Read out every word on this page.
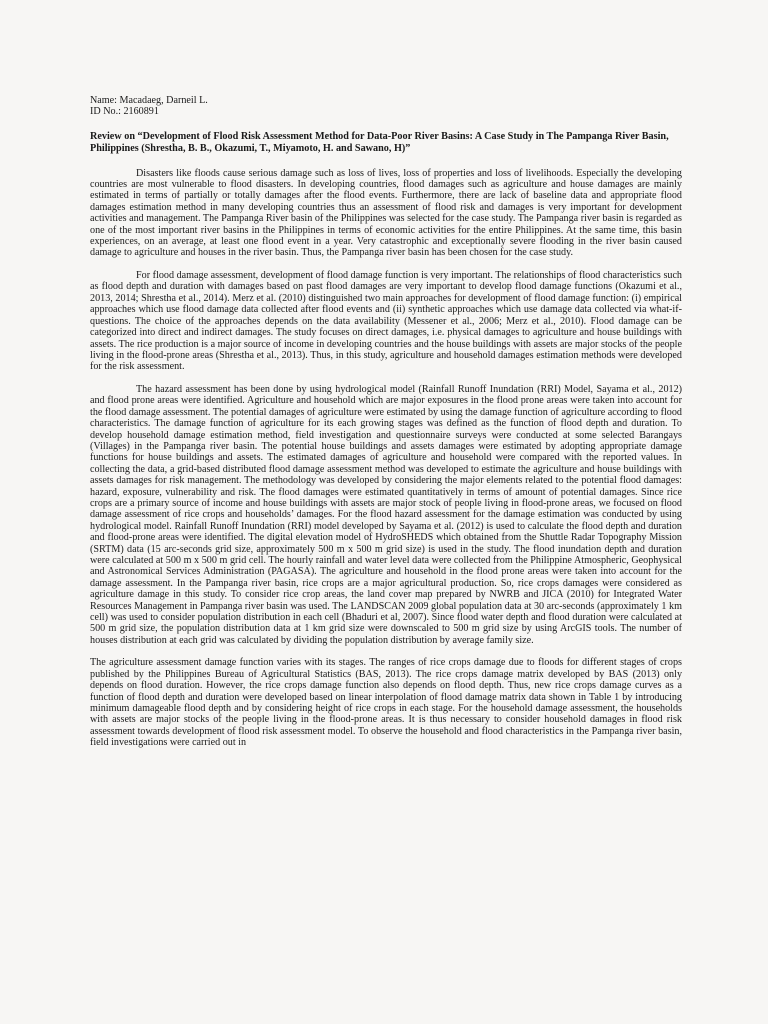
Name: Macadaeg, Darneil L.

ID No.: 2160891

Review on “Development of Flood Risk Assessment Method for Data-Poor River Basins: A Case Study in The Pampanga River Basin, Philippines (Shrestha, B. B., Okazumi, T., Miyamoto, H. and Sawano, H)”

Disasters like floods cause serious damage such as loss of lives, loss of properties and loss of livelihoods. Especially the developing countries are most vulnerable to flood disasters. In developing countries, flood damages such as agriculture and house damages are mainly estimated in terms of partially or totally damages after the flood events. Furthermore, there are lack of baseline data and appropriate flood damages estimation method in many developing countries thus an assessment of flood risk and damages is very important for development activities and management. The Pampanga River basin of the Philippines was selected for the case study. The Pampanga river basin is regarded as one of the most important river basins in the Philippines in terms of economic activities for the entire Philippines. At the same time, this basin experiences, on an average, at least one flood event in a year. Very catastrophic and exceptionally severe flooding in the river basin caused damage to agriculture and houses in the river basin. Thus, the Pampanga river basin has been chosen for the case study.

For flood damage assessment, development of flood damage function is very important. The relationships of flood characteristics such as flood depth and duration with damages based on past flood damages are very important to develop flood damage functions (Okazumi et al., 2013, 2014; Shrestha et al., 2014). Merz et al. (2010) distinguished two main approaches for development of flood damage function: (i) empirical approaches which use flood damage data collected after flood events and (ii) synthetic approaches which use damage data collected via what-if-questions. The choice of the approaches depends on the data availability (Messener et al., 2006; Merz et al., 2010). Flood damage can be categorized into direct and indirect damages. The study focuses on direct damages, i.e. physical damages to agriculture and house buildings with assets. The rice production is a major source of income in developing countries and the house buildings with assets are major stocks of the people living in the flood-prone areas (Shrestha et al., 2013). Thus, in this study, agriculture and household damages estimation methods were developed for the risk assessment.

The hazard assessment has been done by using hydrological model (Rainfall Runoff Inundation (RRI) Model, Sayama et al., 2012) and flood prone areas were identified. Agriculture and household which are major exposures in the flood prone areas were taken into account for the flood damage assessment. The potential damages of agriculture were estimated by using the damage function of agriculture according to flood characteristics. The damage function of agriculture for its each growing stages was defined as the function of flood depth and duration. To develop household damage estimation method, field investigation and questionnaire surveys were conducted at some selected Barangays (Villages) in the Pampanga river basin. The potential house buildings and assets damages were estimated by adopting appropriate damage functions for house buildings and assets. The estimated damages of agriculture and household were compared with the reported values. In collecting the data, a grid-based distributed flood damage assessment method was developed to estimate the agriculture and house buildings with assets damages for risk management. The methodology was developed by considering the major elements related to the potential flood damages: hazard, exposure, vulnerability and risk. The flood damages were estimated quantitatively in terms of amount of potential damages. Since rice crops are a primary source of income and house buildings with assets are major stock of people living in flood-prone areas, we focused on flood damage assessment of rice crops and households’ damages. For the flood hazard assessment for the damage estimation was conducted by using hydrological model. Rainfall Runoff Inundation (RRI) model developed by Sayama et al. (2012) is used to calculate the flood depth and duration and flood-prone areas were identified. The digital elevation model of HydroSHEDS which obtained from the Shuttle Radar Topography Mission (SRTM) data (15 arc-seconds grid size, approximately 500 m x 500 m grid size) is used in the study. The flood inundation depth and duration were calculated at 500 m x 500 m grid cell. The hourly rainfall and water level data were collected from the Philippine Atmospheric, Geophysical and Astronomical Services Administration (PAGASA). The agriculture and household in the flood prone areas were taken into account for the damage assessment. In the Pampanga river basin, rice crops are a major agricultural production. So, rice crops damages were considered as agriculture damage in this study. To consider rice crop areas, the land cover map prepared by NWRB and JICA (2010) for Integrated Water Resources Management in Pampanga river basin was used. The LANDSCAN 2009 global population data at 30 arc-seconds (approximately 1 km cell) was used to consider population distribution in each cell (Bhaduri et al, 2007). Since flood water depth and flood duration were calculated at 500 m grid size, the population distribution data at 1 km grid size were downscaled to 500 m grid size by using ArcGIS tools. The number of houses distribution at each grid was calculated by dividing the population distribution by average family size.

The agriculture assessment damage function varies with its stages. The ranges of rice crops damage due to floods for different stages of crops published by the Philippines Bureau of Agricultural Statistics (BAS, 2013). The rice crops damage matrix developed by BAS (2013) only depends on flood duration. However, the rice crops damage function also depends on flood depth. Thus, new rice crops damage curves as a function of flood depth and duration were developed based on linear interpolation of flood damage matrix data shown in Table 1 by introducing minimum damageable flood depth and by considering height of rice crops in each stage. For the household damage assessment, the households with assets are major stocks of the people living in the flood-prone areas. It is thus necessary to consider household damages in flood risk assessment towards development of flood risk assessment model. To observe the household and flood characteristics in the Pampanga river basin, field investigations were carried out in
